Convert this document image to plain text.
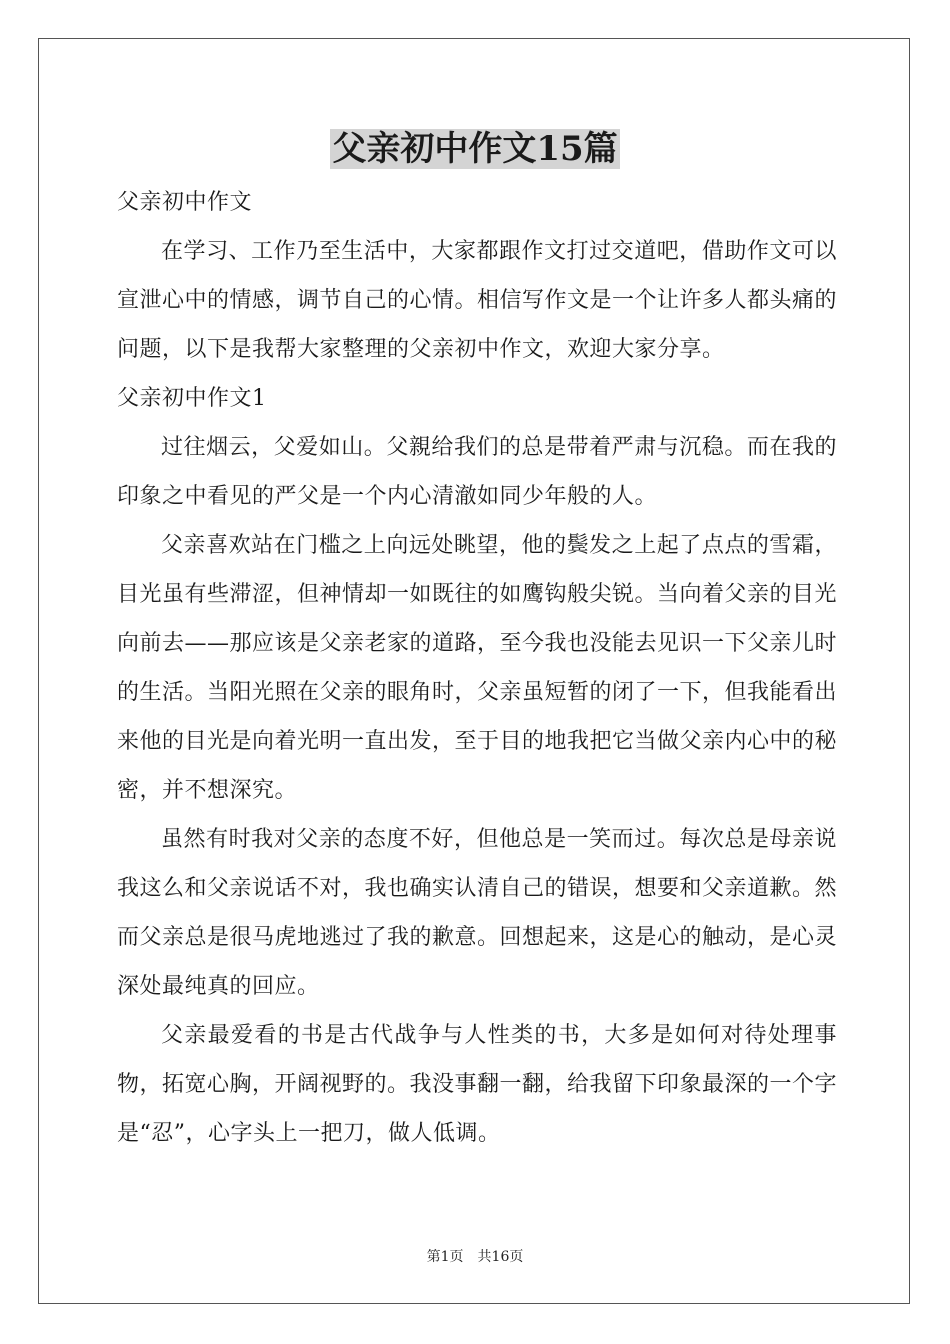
父亲初中作文15篇

父亲初中作文

在学习、工作乃至生活中，大家都跟作文打过交道吧，借助作文可以宣泄心中的情感，调节自己的心情。相信写作文是一个让许多人都头痛的问题，以下是我帮大家整理的父亲初中作文，欢迎大家分享。

父亲初中作文1

过往烟云，父爱如山。父親给我们的总是带着严肃与沉稳。而在我的印象之中看见的严父是一个内心清澈如同少年般的人。

父亲喜欢站在门槛之上向远处眺望，他的鬓发之上起了点点的雪霜，目光虽有些滞涩，但神情却一如既往的如鹰钩般尖锐。当向着父亲的目光向前去——那应该是父亲老家的道路，至今我也没能去见识一下父亲儿时的生活。当阳光照在父亲的眼角时，父亲虽短暂的闭了一下，但我能看出来他的目光是向着光明一直出发，至于目的地我把它当做父亲内心中的秘密，并不想深究。

虽然有时我对父亲的态度不好，但他总是一笑而过。每次总是母亲说我这么和父亲说话不对，我也确实认清自己的错误，想要和父亲道歉。然而父亲总是很马虎地逃过了我的歉意。回想起来，这是心的触动，是心灵深处最纯真的回应。

父亲最爱看的书是古代战争与人性类的书，大多是如何对待处理事物，拓宽心胸，开阔视野的。我没事翻一翻，给我留下印象最深的一个字是“忍”，心字头上一把刀，做人低调。

第1页 共16页
